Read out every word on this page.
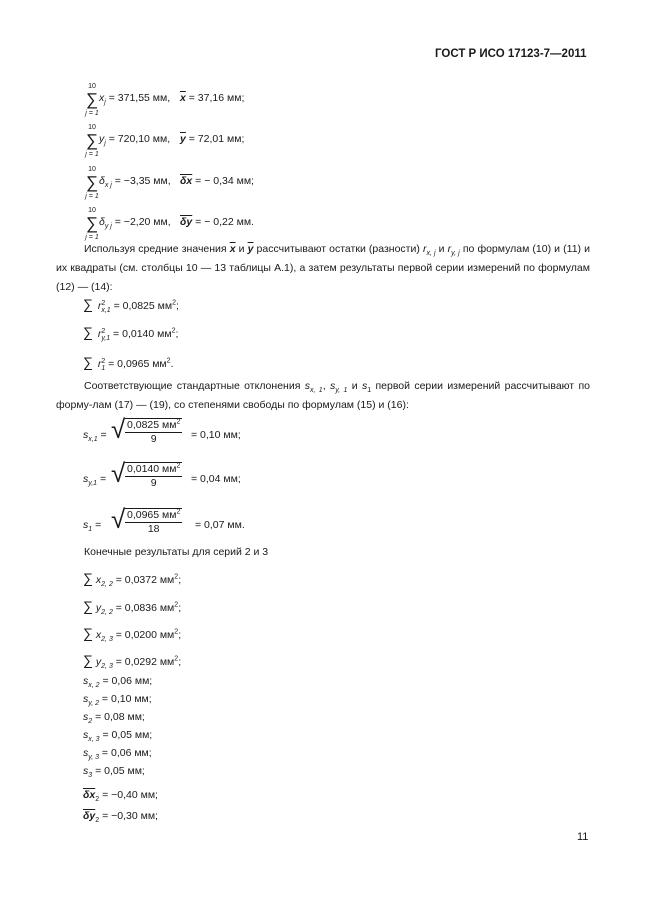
ГОСТ Р ИСО 17123-7—2011
10
∑
j = 1
$x_j = 371,55$ мм, $\overline{x} = 37,16$ мм;
10
∑
j = 1
$y_j = 720,10$ мм, $\overline{y} = 72,01$ мм;
10
∑
j = 1
$\delta_{x j} = -3,35$ мм, $\overline{\delta x}$ = − 0,34 мм;
10
∑
j = 1
$\delta_{y j} = -2,20$ мм, $\overline{\delta y}$ = − 0,22 мм.
Используя средние значения $\overline{x}$ и $\overline{y}$ рассчитывают остатки (разности) $r_{x, j}$ и $r_{y, j}$ по формулам (10) и (11) и их квадраты (см. столбцы 10 — 13 таблицы А.1), а затем результаты первой серии измерений по формулам (12) — (14):
∑ $r^2_{x,1} = 0,0825$ $мм^2$;
∑ $r^2_{y,1} = 0,0140$ $мм^2$;
∑ $r^2_1 = 0,0965$ $мм^2$.
Соответствующие стандартные отклонения $s_{x, 1}$, $s_{y, 1}$ и $s_1$ первой серии измерений рассчитывают по форму-лам (17) — (19), со степенями свободы по формулам (15) и (16):
$s_{x,1}$ = √ 0,0825 $мм^2$
9	= 0,10 мм;
$s_{y,1}$ = √ 0,0140 $мм^2$
9	= 0,04 мм;
$s_1$ = √ 0,0965 $мм^2$
18	= 0,07 мм.
Конечные результаты для серий 2 и 3
∑ $x_{2, 2} = 0,0372$ $мм^2$;
∑ $y_{2, 2} = 0,0836$ $мм^2$;
∑ $x_{2, 3} = 0,0200$ $мм^2$;
∑ $y_{2, 3} = 0,0292$ $мм^2$;
$s_{x, 2} = 0,06$ мм;
$s_{y, 2} = 0,10$ мм;
$s_2 = 0,08$ мм;
$s_{x, 3} = 0,05$ мм;
$s_{y, 3} = 0,06$ мм;
$s_3 = 0,05$ мм;
$\overline{\delta x}_2 = -0,40$ мм;
$\overline{\delta y}_2 = -0,30$ мм;
11
